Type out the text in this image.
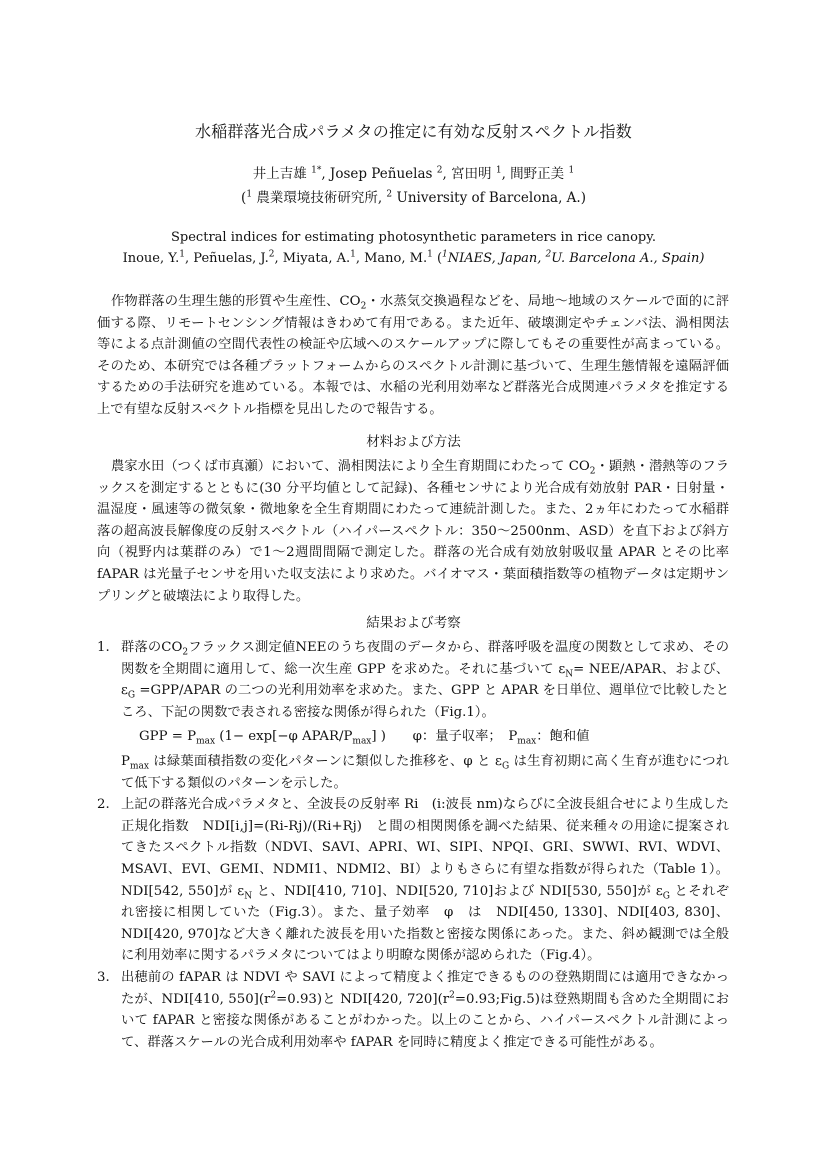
水稲群落光合成パラメタの推定に有効な反射スペクトル指数
井上吉雄 $^{1*}$, Josep Peñuelas $^2$, 宮田明 $^1$, 間野正美 $^1$
($^1$ 農業環境技術研究所, $^2$ University of Barcelona, A.)
Spectral indices for estimating photosynthetic parameters in rice canopy.
Inoue, Y.$^1$, Peñuelas, J.$^2$, Miyata, A.$^1$, Mano, M.$^1$ ($^1$NIAES, Japan, $^2$U. Barcelona A., Spain)
作物群落の生理生態的形質や生産性、$CO_2$・水蒸気交換過程などを、局地〜地域のスケールで面的に評価する際、リモートセンシング情報はきわめて有用である。また近年、破壊測定やチェンバ法、渦相関法等による点計測値の空間代表性の検証や広域へのスケールアップに際してもその重要性が高まっている。そのため、本研究では各種プラットフォームからのスペクトル計測に基づいて、生理生態情報を遠隔評価するための手法研究を進めている。本報では、水稲の光利用効率など群落光合成関連パラメタを推定する上で有望な反射スペクトル指標を見出したので報告する。
材料および方法
農家水田（つくば市真瀬）において、渦相関法により全生育期間にわたって $CO_2$・顕熱・潜熱等のフラックスを測定するとともに(30 分平均値として記録)、各種センサにより光合成有効放射 PAR・日射量・温湿度・風速等の微気象・微地象を全生育期間にわたって連続計測した。また、2ヵ年にわたって水稲群落の超高波長解像度の反射スペクトル（ハイパースペクトル：350〜2500nm、ASD）を直下および斜方向（視野内は葉群のみ）で1〜2週間間隔で測定した。群落の光合成有効放射吸収量 APAR とその比率 fAPAR は光量子センサを用いた収支法により求めた。バイオマス・葉面積指数等の植物データは定期サンプリングと破壊法により取得した。
結果および考察
1. 群落の$CO_2$フラックス測定値NEEのうち夜間のデータから、群落呼吸を温度の関数として求め、その関数を全期間に適用して、総一次生産 GPP を求めた。それに基づいて $\varepsilon_N=$ NEE/APAR、および、$\varepsilon_G$ =GPP/APAR の二つの光利用効率を求めた。また、GPP と APAR を日単位、週単位で比較したところ、下記の関数で表される密接な関係が得られた（Fig.1）。
GPP = $P_{max}$ (1− exp[−φ APAR/$P_{max}$] )　　φ：量子収率；　$P_{max}$：飽和値
$P_{max}$ は緑葉面積指数の変化パターンに類似した推移を、φ と $\varepsilon_G$ は生育初期に高く生育が進むにつれて低下する類似のパターンを示した。
2. 上記の群落光合成パラメタと、全波長の反射率 Ri　(i:波長 nm)ならびに全波長組合せにより生成した正規化指数　NDI[i,j]=(Ri-Rj)/(Ri+Rj)　と間の相関関係を調べた結果、従来種々の用途に提案されてきたスペクトル指数（NDVI、SAVI、APRI、WI、SIPI、NPQI、GRI、SWWI、RVI、WDVI、MSAVI、EVI、GEMI、NDMI1、NDMI2、BI）よりもさらに有望な指数が得られた（Table 1）。NDI[542, 550]が $\varepsilon_N$ と、NDI[410, 710]、NDI[520, 710]および NDI[530, 550]が $\varepsilon_G$ とそれぞれ密接に相関していた（Fig.3）。また、量子効率　φ　は　NDI[450, 1330]、NDI[403, 830]、NDI[420, 970]など大きく離れた波長を用いた指数と密接な関係にあった。また、斜め観測では全般に利用効率に関するパラメタについてはより明瞭な関係が認められた（Fig.4）。
3. 出穂前の fAPAR は NDVI や SAVI によって精度よく推定できるものの登熟期間には適用できなかったが、NDI[410, $550](r^2=0.93)$と NDI[420, $720](r^2=0.93;Fig.5)$は登熟期間も含めた全期間において fAPAR と密接な関係があることがわかった。以上のことから、ハイパースペクトル計測によって、群落スケールの光合成利用効率や fAPAR を同時に精度よく推定できる可能性がある。
